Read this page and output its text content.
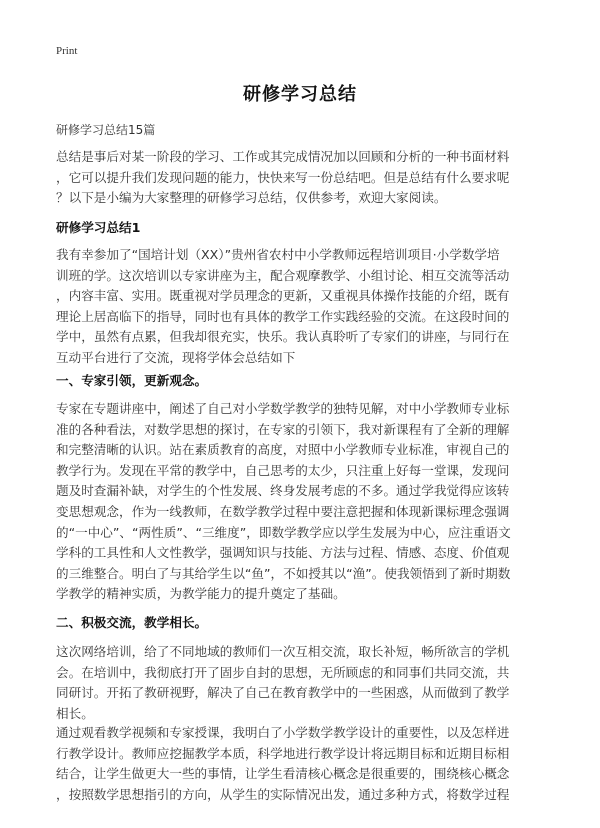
Print
研修学习总结
研修学习总结15篇

总结是事后对某一阶段的学习、工作或其完成情况加以回顾和分析的一种书面材料

，它可以提升我们发现问题的能力，快快来写一份总结吧。但是总结有什么要求呢

？以下是小编为大家整理的研修学习总结，仅供参考，欢迎大家阅读。

研修学习总结1

我有幸参加了“国培计划（XX）”贵州省农村中小学教师远程培训项目·小学数学培

训班的学。这次培训以专家讲座为主，配合观摩教学、小组讨论、相互交流等活动

，内容丰富、实用。既重视对学员理念的更新，又重视具体操作技能的介绍，既有

理论上居高临下的指导，同时也有具体的教学工作实践经验的交流。在这段时间的

学中，虽然有点累，但我却很充实，快乐。我认真聆听了专家们的讲座，与同行在

互动平台进行了交流，现将学体会总结如下

一、专家引领，更新观念。

专家在专题讲座中，阐述了自己对小学数学教学的独特见解，对中小学教师专业标

准的各种看法，对数学思想的探讨，在专家的引领下，我对新课程有了全新的理解

和完整清晰的认识。站在素质教育的高度，对照中小学教师专业标准，审视自己的

教学行为。发现在平常的教学中，自己思考的太少，只注重上好每一堂课，发现问

题及时查漏补缺，对学生的个性发展、终身发展考虑的不多。通过学我觉得应该转

变思想观念，作为一线教师，在数学教学过程中要注意把握和体现新课标理念强调

的“一中心”、“两性质”、“三维度”，即数学教学应以学生发展为中心，应注重语文

学科的工具性和人文性教学，强调知识与技能、方法与过程、情感、态度、价值观

的三维整合。明白了与其给学生以“鱼”，不如授其以“渔”。使我领悟到了新时期数

学教学的精神实质，为教学能力的提升奠定了基础。

二、积极交流，教学相长。

这次网络培训，给了不同地域的教师们一次互相交流，取长补短，畅所欲言的学机

会。在培训中，我彻底打开了固步自封的思想，无所顾虑的和同事们共同交流，共

同研讨。开拓了教研视野，解决了自己在教育教学中的一些困惑，从而做到了教学

相长。

通过观看教学视频和专家授课，我明白了小学数学教学设计的重要性，以及怎样进

行教学设计。教师应挖掘教学本质，科学地进行教学设计将远期目标和近期目标相

结合，让学生做更大一些的事情，让学生看清核心概念是很重要的，围绕核心概念

，按照数学思想指引的方向，从学生的实际情况出发，通过多种方式，将数学过程
